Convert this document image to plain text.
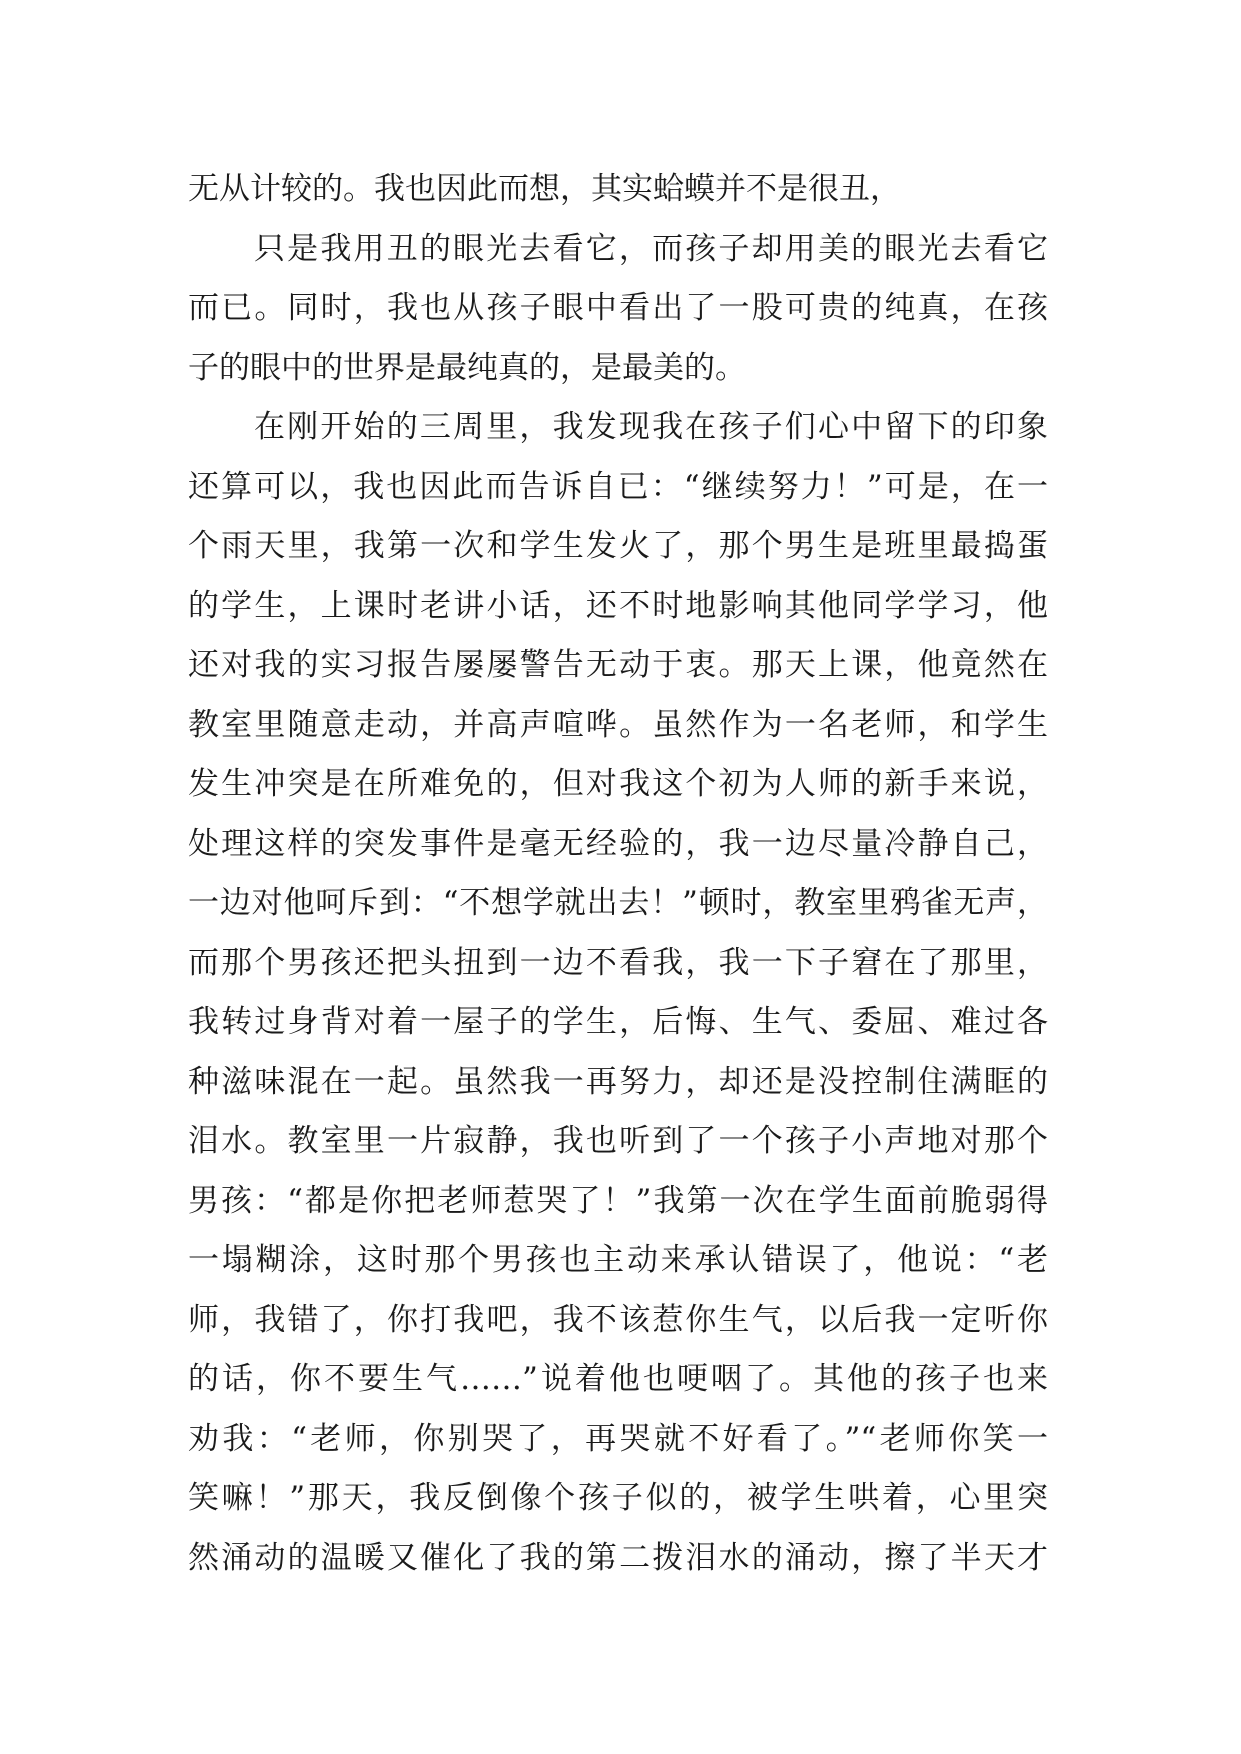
无从计较的。我也因此而想，其实蛤蟆并不是很丑，
只是我用丑的眼光去看它，而孩子却用美的眼光去看它
而已。同时，我也从孩子眼中看出了一股可贵的纯真，在孩
子的眼中的世界是最纯真的，是最美的。
在刚开始的三周里，我发现我在孩子们心中留下的印象
还算可以，我也因此而告诉自已：“继续努力！”可是，在一
个雨天里，我第一次和学生发火了，那个男生是班里最捣蛋
的学生，上课时老讲小话，还不时地影响其他同学学习，他
还对我的实习报告屡屡警告无动于衷。那天上课，他竟然在
教室里随意走动，并高声喧哗。虽然作为一名老师，和学生
发生冲突是在所难免的，但对我这个初为人师的新手来说，
处理这样的突发事件是毫无经验的，我一边尽量冷静自己，
一边对他呵斥到：“不想学就出去！”顿时，教室里鸦雀无声，
而那个男孩还把头扭到一边不看我，我一下子窘在了那里，
我转过身背对着一屋子的学生，后悔、生气、委屈、难过各
种滋味混在一起。虽然我一再努力，却还是没控制住满眶的
泪水。教室里一片寂静，我也听到了一个孩子小声地对那个
男孩：“都是你把老师惹哭了！”我第一次在学生面前脆弱得
一塌糊涂，这时那个男孩也主动来承认错误了，他说：“老
师，我错了，你打我吧，我不该惹你生气，以后我一定听你
的话，你不要生气……”说着他也哽咽了。其他的孩子也来
劝我：“老师，你别哭了，再哭就不好看了。”“老师你笑一
笑嘛！”那天，我反倒像个孩子似的，被学生哄着，心里突
然涌动的温暖又催化了我的第二拨泪水的涌动，擦了半天才
